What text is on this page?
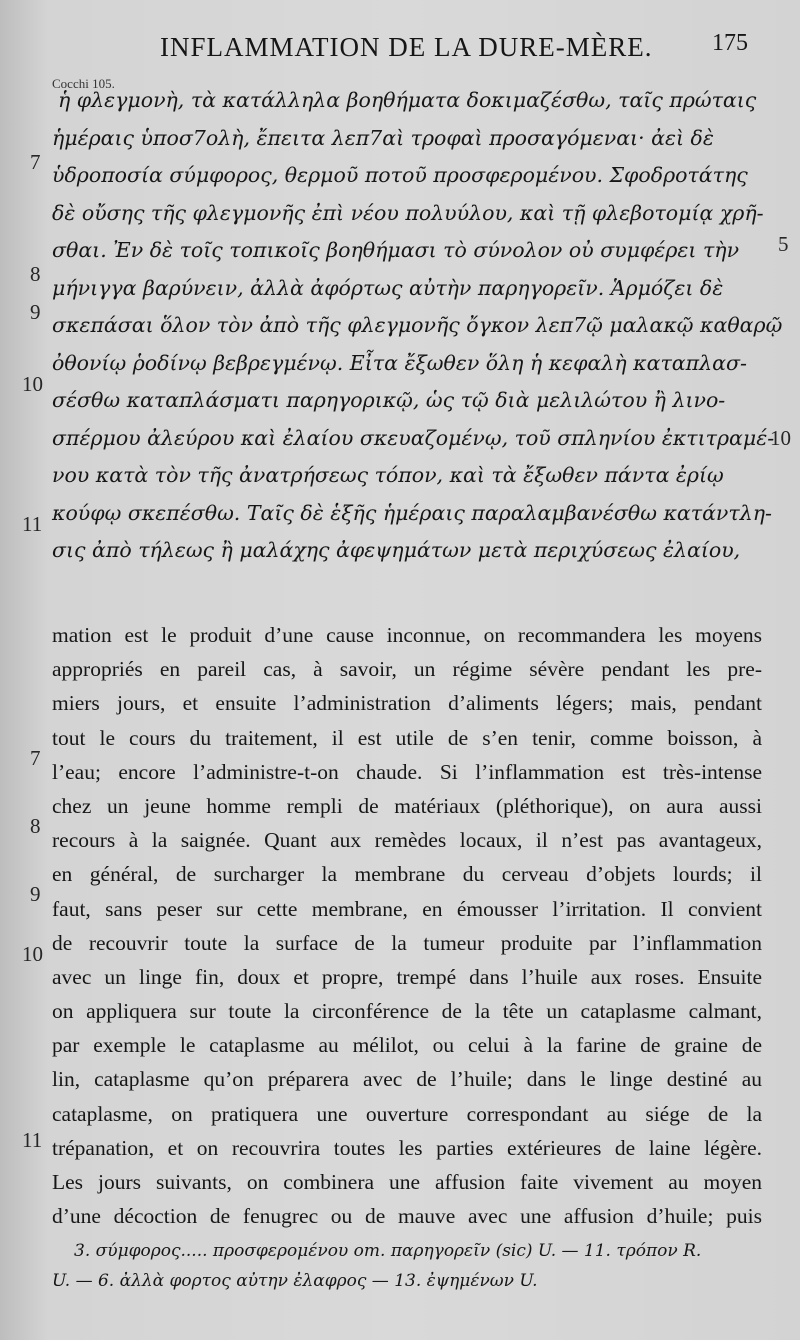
INFLAMMATION DE LA DURE-MÈRE. 175
Cocchi 105.
7
8
9
10
11
5
10
ἡ φλεγμονὴ, τὰ κατάλληλα βοηθήματα δοκιμαζέσθω, ταῖς πρώταις
ἡμέραις ὑποσ7ολὴ, ἔπειτα λεπ7αὶ τροφαὶ προσαγόμεναι· ἀεὶ δὲ
ὑδροποσία σύμφορος, θερμοῦ ποτοῦ προσφερομένου. Σφοδροτάτης
δὲ οὔσης τῆς φλεγμονῆς ἐπὶ νέου πολυύλου, καὶ τῇ φλεβοτομίᾳ χρῆ-
σθαι. Ἐν δὲ τοῖς τοπικοῖς βοηθήμασι τὸ σύνολον οὐ συμφέρει τὴν
μήνιγγα βαρύνειν, ἀλλὰ ἀφόρτως αὐτὴν παρηγορεῖν. Ἁρμόζει δὲ
σκεπάσαι ὅλον τὸν ἀπὸ τῆς φλεγμονῆς ὄγκον λεπ7ῷ μαλακῷ καθαρῷ
ὀθονίῳ ῥοδίνῳ βεβρεγμένῳ. Εἶτα ἔξωθεν ὅλη ἡ κεφαλὴ καταπλασ-
σέσθω καταπλάσματι παρηγορικῷ, ὡς τῷ διὰ μελιλώτου ἢ λινο-
σπέρμου ἀλεύρου καὶ ἐλαίου σκευαζομένῳ, τοῦ σπληνίου ἐκτιτραμέ-
νου κατὰ τὸν τῆς ἀνατρήσεως τόπον, καὶ τὰ ἔξωθεν πάντα ἐρίῳ
κούφῳ σκεπέσθω. Ταῖς δὲ ἑξῆς ἡμέραις παραλαμβανέσθω κατάντλη-
σις ἀπὸ τήλεως ἢ μαλάχης ἀφεψημάτων μετὰ περιχύσεως ἐλαίου,
7
8
9
10
11
mation est le produit d’une cause inconnue, on recommandera les moyens
appropriés en pareil cas, à savoir, un régime sévère pendant les pre-
miers jours, et ensuite l’administration d’aliments légers; mais, pendant
tout le cours du traitement, il est utile de s’en tenir, comme boisson, à
l’eau; encore l’administre-t-on chaude. Si l’inflammation est très-intense
chez un jeune homme rempli de matériaux (pléthorique), on aura aussi
recours à la saignée. Quant aux remèdes locaux, il n’est pas avantageux,
en général, de surcharger la membrane du cerveau d’objets lourds; il
faut, sans peser sur cette membrane, en émousser l’irritation. Il convient
de recouvrir toute la surface de la tumeur produite par l’inflammation
avec un linge fin, doux et propre, trempé dans l’huile aux roses. Ensuite
on appliquera sur toute la circonférence de la tête un cataplasme calmant,
par exemple le cataplasme au mélilot, ou celui à la farine de graine de
lin, cataplasme qu’on préparera avec de l’huile; dans le linge destiné au
cataplasme, on pratiquera une ouverture correspondant au siége de la
trépanation, et on recouvrira toutes les parties extérieures de laine légère.
Les jours suivants, on combinera une affusion faite vivement au moyen
d’une décoction de fenugrec ou de mauve avec une affusion d’huile; puis
3. σύμφορος..... προσφερομένου om. παρηγορεῖν (sic) U. — 11. τρόπον R.
U. — 6. ἀλλὰ φορτος αὐτην ἐλαφρος — 13. ἐψημένων U.
